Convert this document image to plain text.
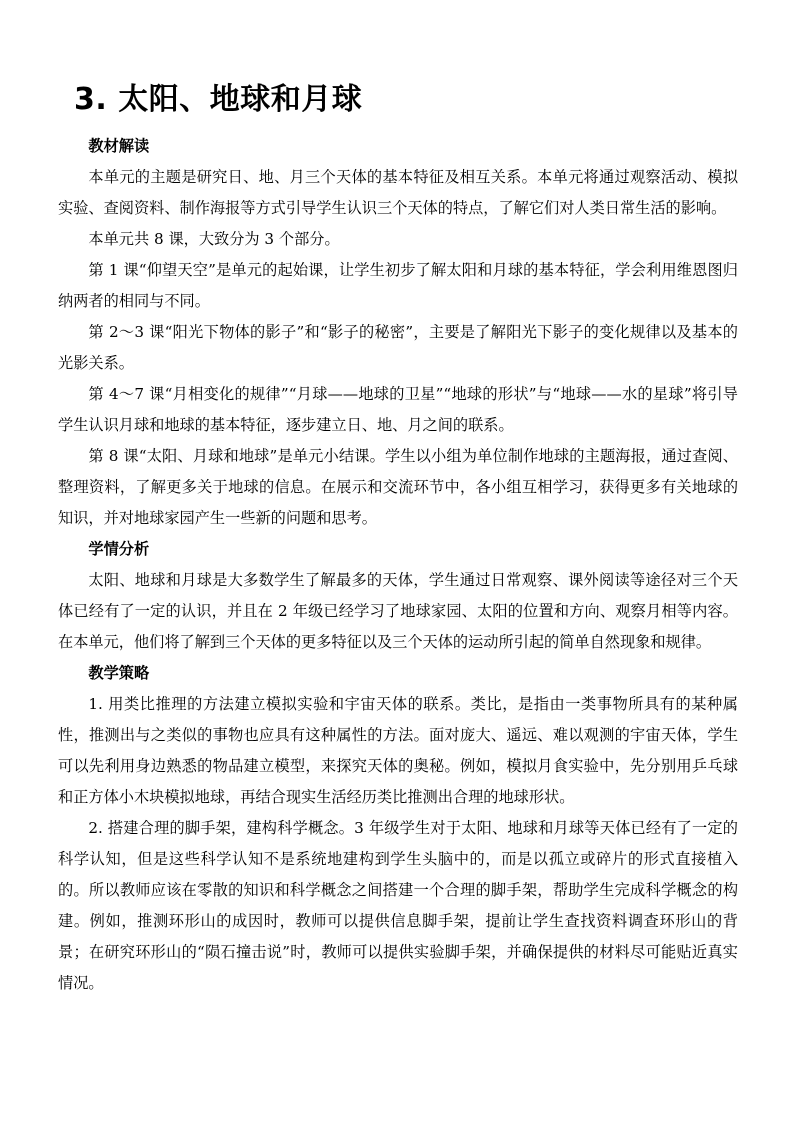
3. 太阳、地球和月球

教材解读

本单元的主题是研究日、地、月三个天体的基本特征及相互关系。本单元将通过观察活动、模拟实验、查阅资料、制作海报等方式引导学生认识三个天体的特点，了解它们对人类日常生活的影响。

本单元共 8 课，大致分为 3 个部分。

第 1 课“仰望天空”是单元的起始课，让学生初步了解太阳和月球的基本特征，学会利用维恩图归纳两者的相同与不同。

第 2～3 课“阳光下物体的影子”和“影子的秘密”，主要是了解阳光下影子的变化规律以及基本的光影关系。

第 4～7 课“月相变化的规律”“月球——地球的卫星”“地球的形状”与“地球——水的星球”将引导学生认识月球和地球的基本特征，逐步建立日、地、月之间的联系。

第 8 课“太阳、月球和地球”是单元小结课。学生以小组为单位制作地球的主题海报，通过查阅、整理资料，了解更多关于地球的信息。在展示和交流环节中，各小组互相学习，获得更多有关地球的知识，并对地球家园产生一些新的问题和思考。

学情分析

太阳、地球和月球是大多数学生了解最多的天体，学生通过日常观察、课外阅读等途径对三个天体已经有了一定的认识，并且在 2 年级已经学习了地球家园、太阳的位置和方向、观察月相等内容。在本单元，他们将了解到三个天体的更多特征以及三个天体的运动所引起的简单自然现象和规律。

教学策略

1. 用类比推理的方法建立模拟实验和宇宙天体的联系。类比，是指由一类事物所具有的某种属性，推测出与之类似的事物也应具有这种属性的方法。面对庞大、遥远、难以观测的宇宙天体，学生可以先利用身边熟悉的物品建立模型，来探究天体的奥秘。例如，模拟月食实验中，先分别用乒乓球和正方体小木块模拟地球，再结合现实生活经历类比推测出合理的地球形状。

2. 搭建合理的脚手架，建构科学概念。3 年级学生对于太阳、地球和月球等天体已经有了一定的科学认知，但是这些科学认知不是系统地建构到学生头脑中的，而是以孤立或碎片的形式直接植入的。所以教师应该在零散的知识和科学概念之间搭建一个合理的脚手架，帮助学生完成科学概念的构建。例如，推测环形山的成因时，教师可以提供信息脚手架，提前让学生查找资料调查环形山的背景；在研究环形山的“陨石撞击说”时，教师可以提供实验脚手架，并确保提供的材料尽可能贴近真实情况。
